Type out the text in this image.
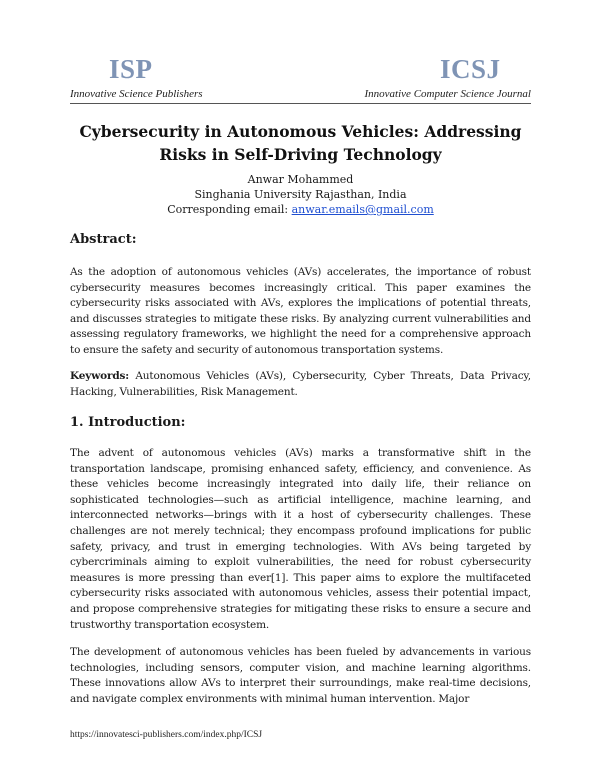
ISP
Innovative Science Publishers
ICSJ
Innovative Computer Science Journal
Cybersecurity in Autonomous Vehicles: Addressing Risks in Self-Driving Technology
Anwar Mohammed
Singhania University Rajasthan, India
Corresponding email: anwar.emails@gmail.com
Abstract:

As the adoption of autonomous vehicles (AVs) accelerates, the importance of robust cybersecurity measures becomes increasingly critical. This paper examines the cybersecurity risks associated with AVs, explores the implications of potential threats, and discusses strategies to mitigate these risks. By analyzing current vulnerabilities and assessing regulatory frameworks, we highlight the need for a comprehensive approach to ensure the safety and security of autonomous transportation systems.

Keywords: Autonomous Vehicles (AVs), Cybersecurity, Cyber Threats, Data Privacy, Hacking, Vulnerabilities, Risk Management.

1. Introduction:

The advent of autonomous vehicles (AVs) marks a transformative shift in the transportation landscape, promising enhanced safety, efficiency, and convenience. As these vehicles become increasingly integrated into daily life, their reliance on sophisticated technologies—such as artificial intelligence, machine learning, and interconnected networks—brings with it a host of cybersecurity challenges. These challenges are not merely technical; they encompass profound implications for public safety, privacy, and trust in emerging technologies. With AVs being targeted by cybercriminals aiming to exploit vulnerabilities, the need for robust cybersecurity measures is more pressing than ever[1]. This paper aims to explore the multifaceted cybersecurity risks associated with autonomous vehicles, assess their potential impact, and propose comprehensive strategies for mitigating these risks to ensure a secure and trustworthy transportation ecosystem.

The development of autonomous vehicles has been fueled by advancements in various technologies, including sensors, computer vision, and machine learning algorithms. These innovations allow AVs to interpret their surroundings, make real-time decisions, and navigate complex environments with minimal human intervention. Major

https://innovatesci-publishers.com/index.php/ICSJ
